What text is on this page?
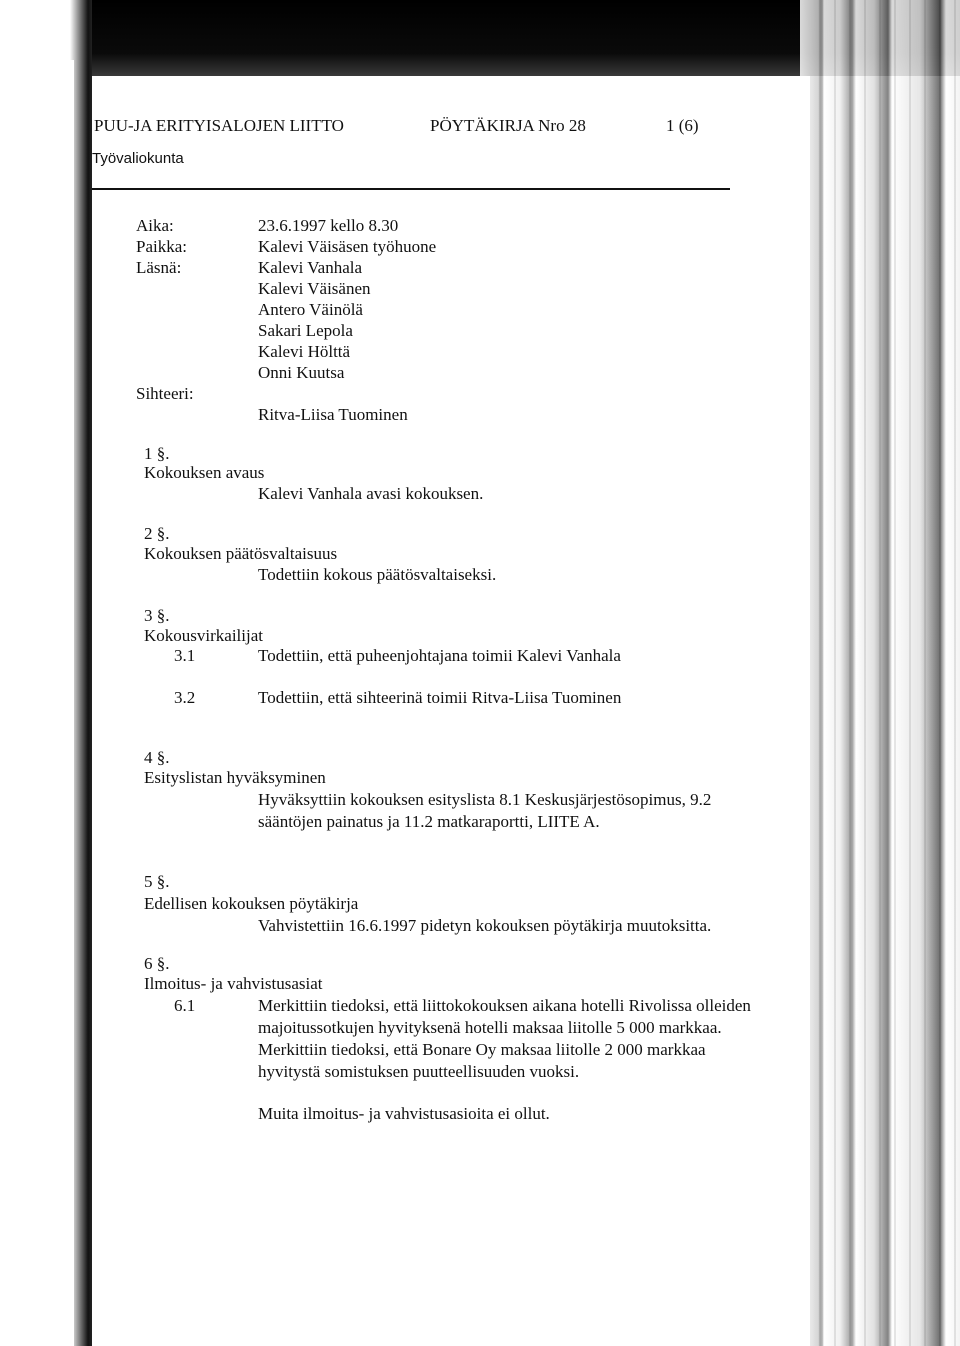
PUU-JA ERITYISALOJEN LIITTO	PÖYTÄKIRJA Nro 28	1 (6)
Työvaliokunta
Aika:	23.6.1997 kello 8.30
Paikka:	Kalevi Väisäsen työhuone
Läsnä:	Kalevi Vanhala
Kalevi Väisänen
Antero Väinölä
Sakari Lepola
Kalevi Hölttä
Onni Kuutsa
Sihteeri:
Ritva-Liisa Tuominen
1 §.
Kokouksen avaus
Kalevi Vanhala avasi kokouksen.
2 §.
Kokouksen päätösvaltaisuus
Todettiin kokous päätösvaltaiseksi.
3 §.
Kokousvirkailijat
3.1	Todettiin, että puheenjohtajana toimii Kalevi Vanhala
3.2	Todettiin, että sihteerinä toimii Ritva-Liisa Tuominen
4 §.
Esityslistan hyväksyminen
Hyväksyttiin kokouksen esityslista 8.1 Keskusjärjestösopimus, 9.2
sääntöjen painatus ja 11.2 matkaraportti, LIITE A.
5 §.
Edellisen kokouksen pöytäkirja
Vahvistettiin 16.6.1997 pidetyn kokouksen pöytäkirja muutoksitta.
6 §.
Ilmoitus- ja vahvistusasiat
6.1	Merkittiin tiedoksi, että liittokokouksen aikana hotelli Rivolissa olleiden
majoitussotkujen hyvityksenä hotelli maksaa liitolle 5 000 markkaa.
Merkittiin tiedoksi, että Bonare Oy maksaa liitolle 2 000 markkaa
hyvitystä somistuksen puutteellisuuden vuoksi.
Muita ilmoitus- ja vahvistusasioita ei ollut.
